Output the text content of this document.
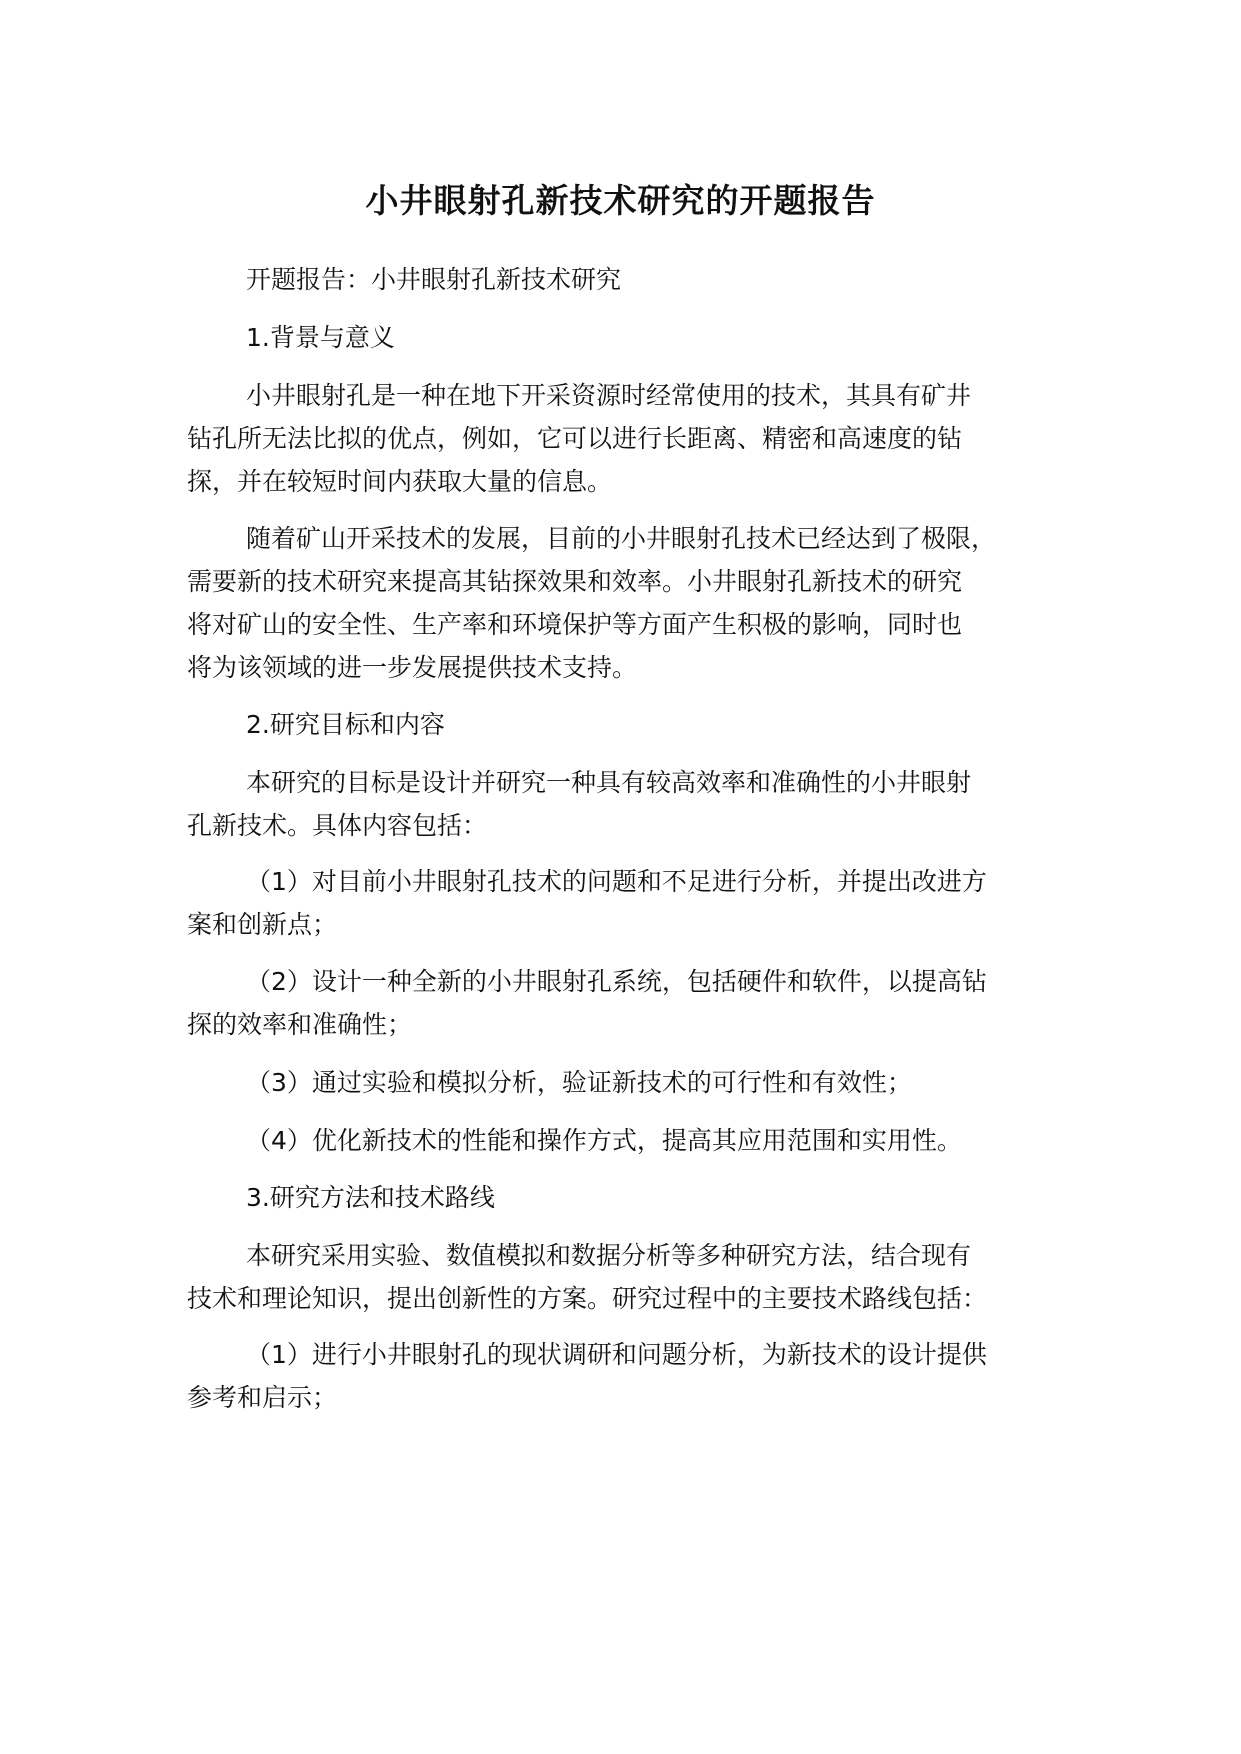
小井眼射孔新技术研究的开题报告
开题报告：小井眼射孔新技术研究
1.背景与意义
小井眼射孔是一种在地下开采资源时经常使用的技术，其具有矿井
钻孔所无法比拟的优点，例如，它可以进行长距离、精密和高速度的钻
探，并在较短时间内获取大量的信息。
随着矿山开采技术的发展，目前的小井眼射孔技术已经达到了极限，
需要新的技术研究来提高其钻探效果和效率。小井眼射孔新技术的研究
将对矿山的安全性、生产率和环境保护等方面产生积极的影响，同时也
将为该领域的进一步发展提供技术支持。
2.研究目标和内容
本研究的目标是设计并研究一种具有较高效率和准确性的小井眼射
孔新技术。具体内容包括：
（1）对目前小井眼射孔技术的问题和不足进行分析，并提出改进方
案和创新点；
（2）设计一种全新的小井眼射孔系统，包括硬件和软件，以提高钻
探的效率和准确性；
（3）通过实验和模拟分析，验证新技术的可行性和有效性；
（4）优化新技术的性能和操作方式，提高其应用范围和实用性。
3.研究方法和技术路线
本研究采用实验、数值模拟和数据分析等多种研究方法，结合现有
技术和理论知识，提出创新性的方案。研究过程中的主要技术路线包括：
（1）进行小井眼射孔的现状调研和问题分析，为新技术的设计提供
参考和启示；
